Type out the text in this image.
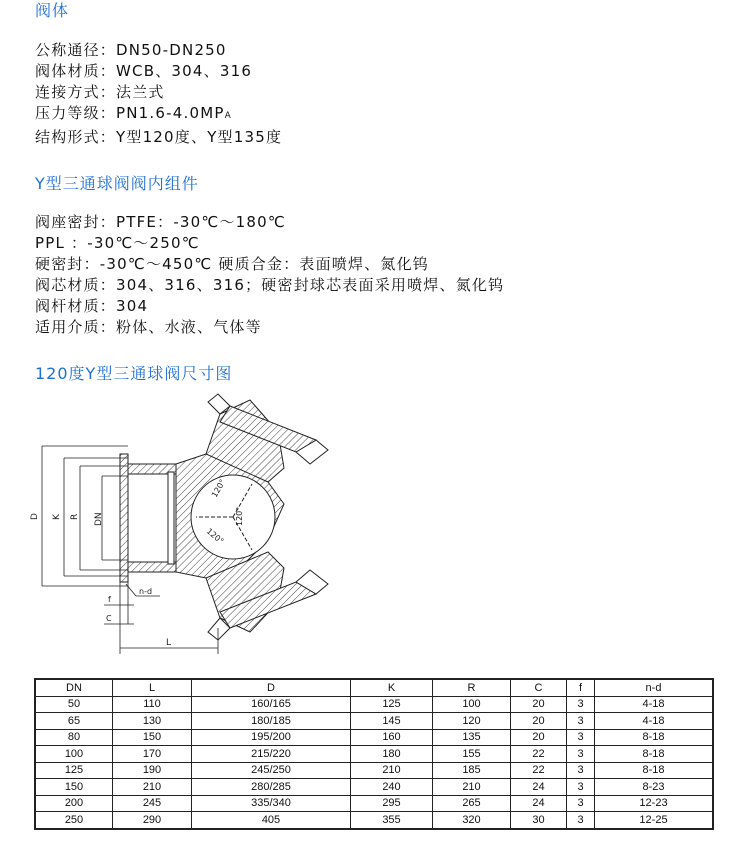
阀体
公称通径：DN50-DN250
阀体材质：WCB、304、316
连接方式：法兰式
压力等级：PN1.6-4.0MPA
结构形式：Y型120度、Y型135度
Y型三通球阀阀内组件
阀座密封：PTFE：-30℃～180℃
PPL ：-30℃～250℃
硬密封：-30℃～450℃ 硬质合金：表面喷焊、氮化钨
阀芯材质：304、316、316；硬密封球芯表面采用喷焊、氮化钨
阀杆材质：304
适用介质：粉体、水液、气体等
120度Y型三通球阀尺寸图
120°
120°
120°
D K R DN
f
C
L
n-d
DN	L	D	K	R	C	f	n-d
50	110	160/165	125	100	20	3	4-18
65	130	180/185	145	120	20	3	4-18
80	150	195/200	160	135	20	3	8-18
100	170	215/220	180	155	22	3	8-18
125	190	245/250	210	185	22	3	8-18
150	210	280/285	240	210	24	3	8-23
200	245	335/340	295	265	24	3	12-23
250	290	405	355	320	30	3	12-25
